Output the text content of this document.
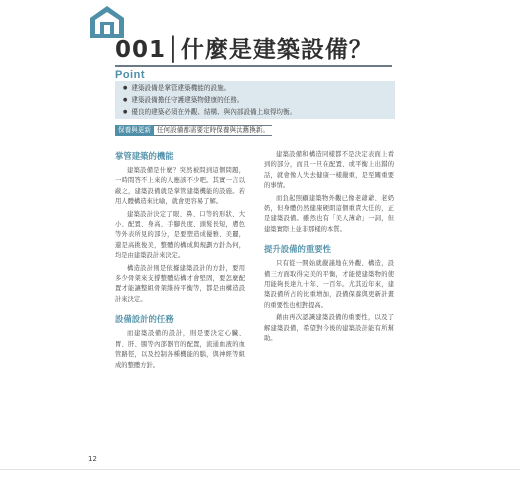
001│什麼是建築設備？
Point
● 建築設備是掌管建築機能的設施。
● 建築設備擔任守護建築物健康的任務。
● 優良的建築必須在外觀、結構、與內部設備上取得均衡。
保養與更新 任何設備都需要定時保養與汰舊換新。
掌管建築的機能

建築設備是什麼？突然被問到這個問題，一時間答不上來的人應該不少吧。其實一言以蔽之，建築設備就是掌管建築機能的設施。若用人體構造來比喻，就會更容易了解。

建築設計決定了眼、鼻、口等的形狀、大小、配置、身高、手腳長度、頭髮長短，膚色等外表所見的部分，是要塑造成優雅、美麗，還是高挑俊美，整體的構成與規劃方針為何，均是由建築設計來決定。

構造設計則是依據建築設計的方針，要用多少骨架來支撐整體結構才會堅固，要怎麼配置才能讓整組骨架維持平衡等，都是由構造設計來決定。

設備設計的任務

而建築設備的設計，則是要決定心臟、胃、肝、腸等內部器官的配置，流通血液的血管路徑，以及控制各種機能的腦，與神經等組成的整體方針。

建築設備和構造同樣都不是決定表面上看到的部分，而且一旦在配置、或平衡上出錯的話，就會像人失去健康一樣嚴重，是至關重要的事情。

而負起照顧建築物外觀已像老爺爺、老奶奶，但身體仍然健康硬朗這個重責大任的，正是建築設備。雖然也有「美人薄命」一詞，但建築實際上並非那樣的本質。

提升設備的重要性

只有從一開始就嚴謹地在外觀、構造，設備三方面取得完美的平衡，才能使建築物的使用能夠長達九十年、一百年。尤其近年來，建築設備所占的比重增加，設備保養與更新計畫的重要性也相對提高。

藉由再次認識建築設備的重要性，以及了解建築設備，希望對今後的建築設計能有所幫助。

12
